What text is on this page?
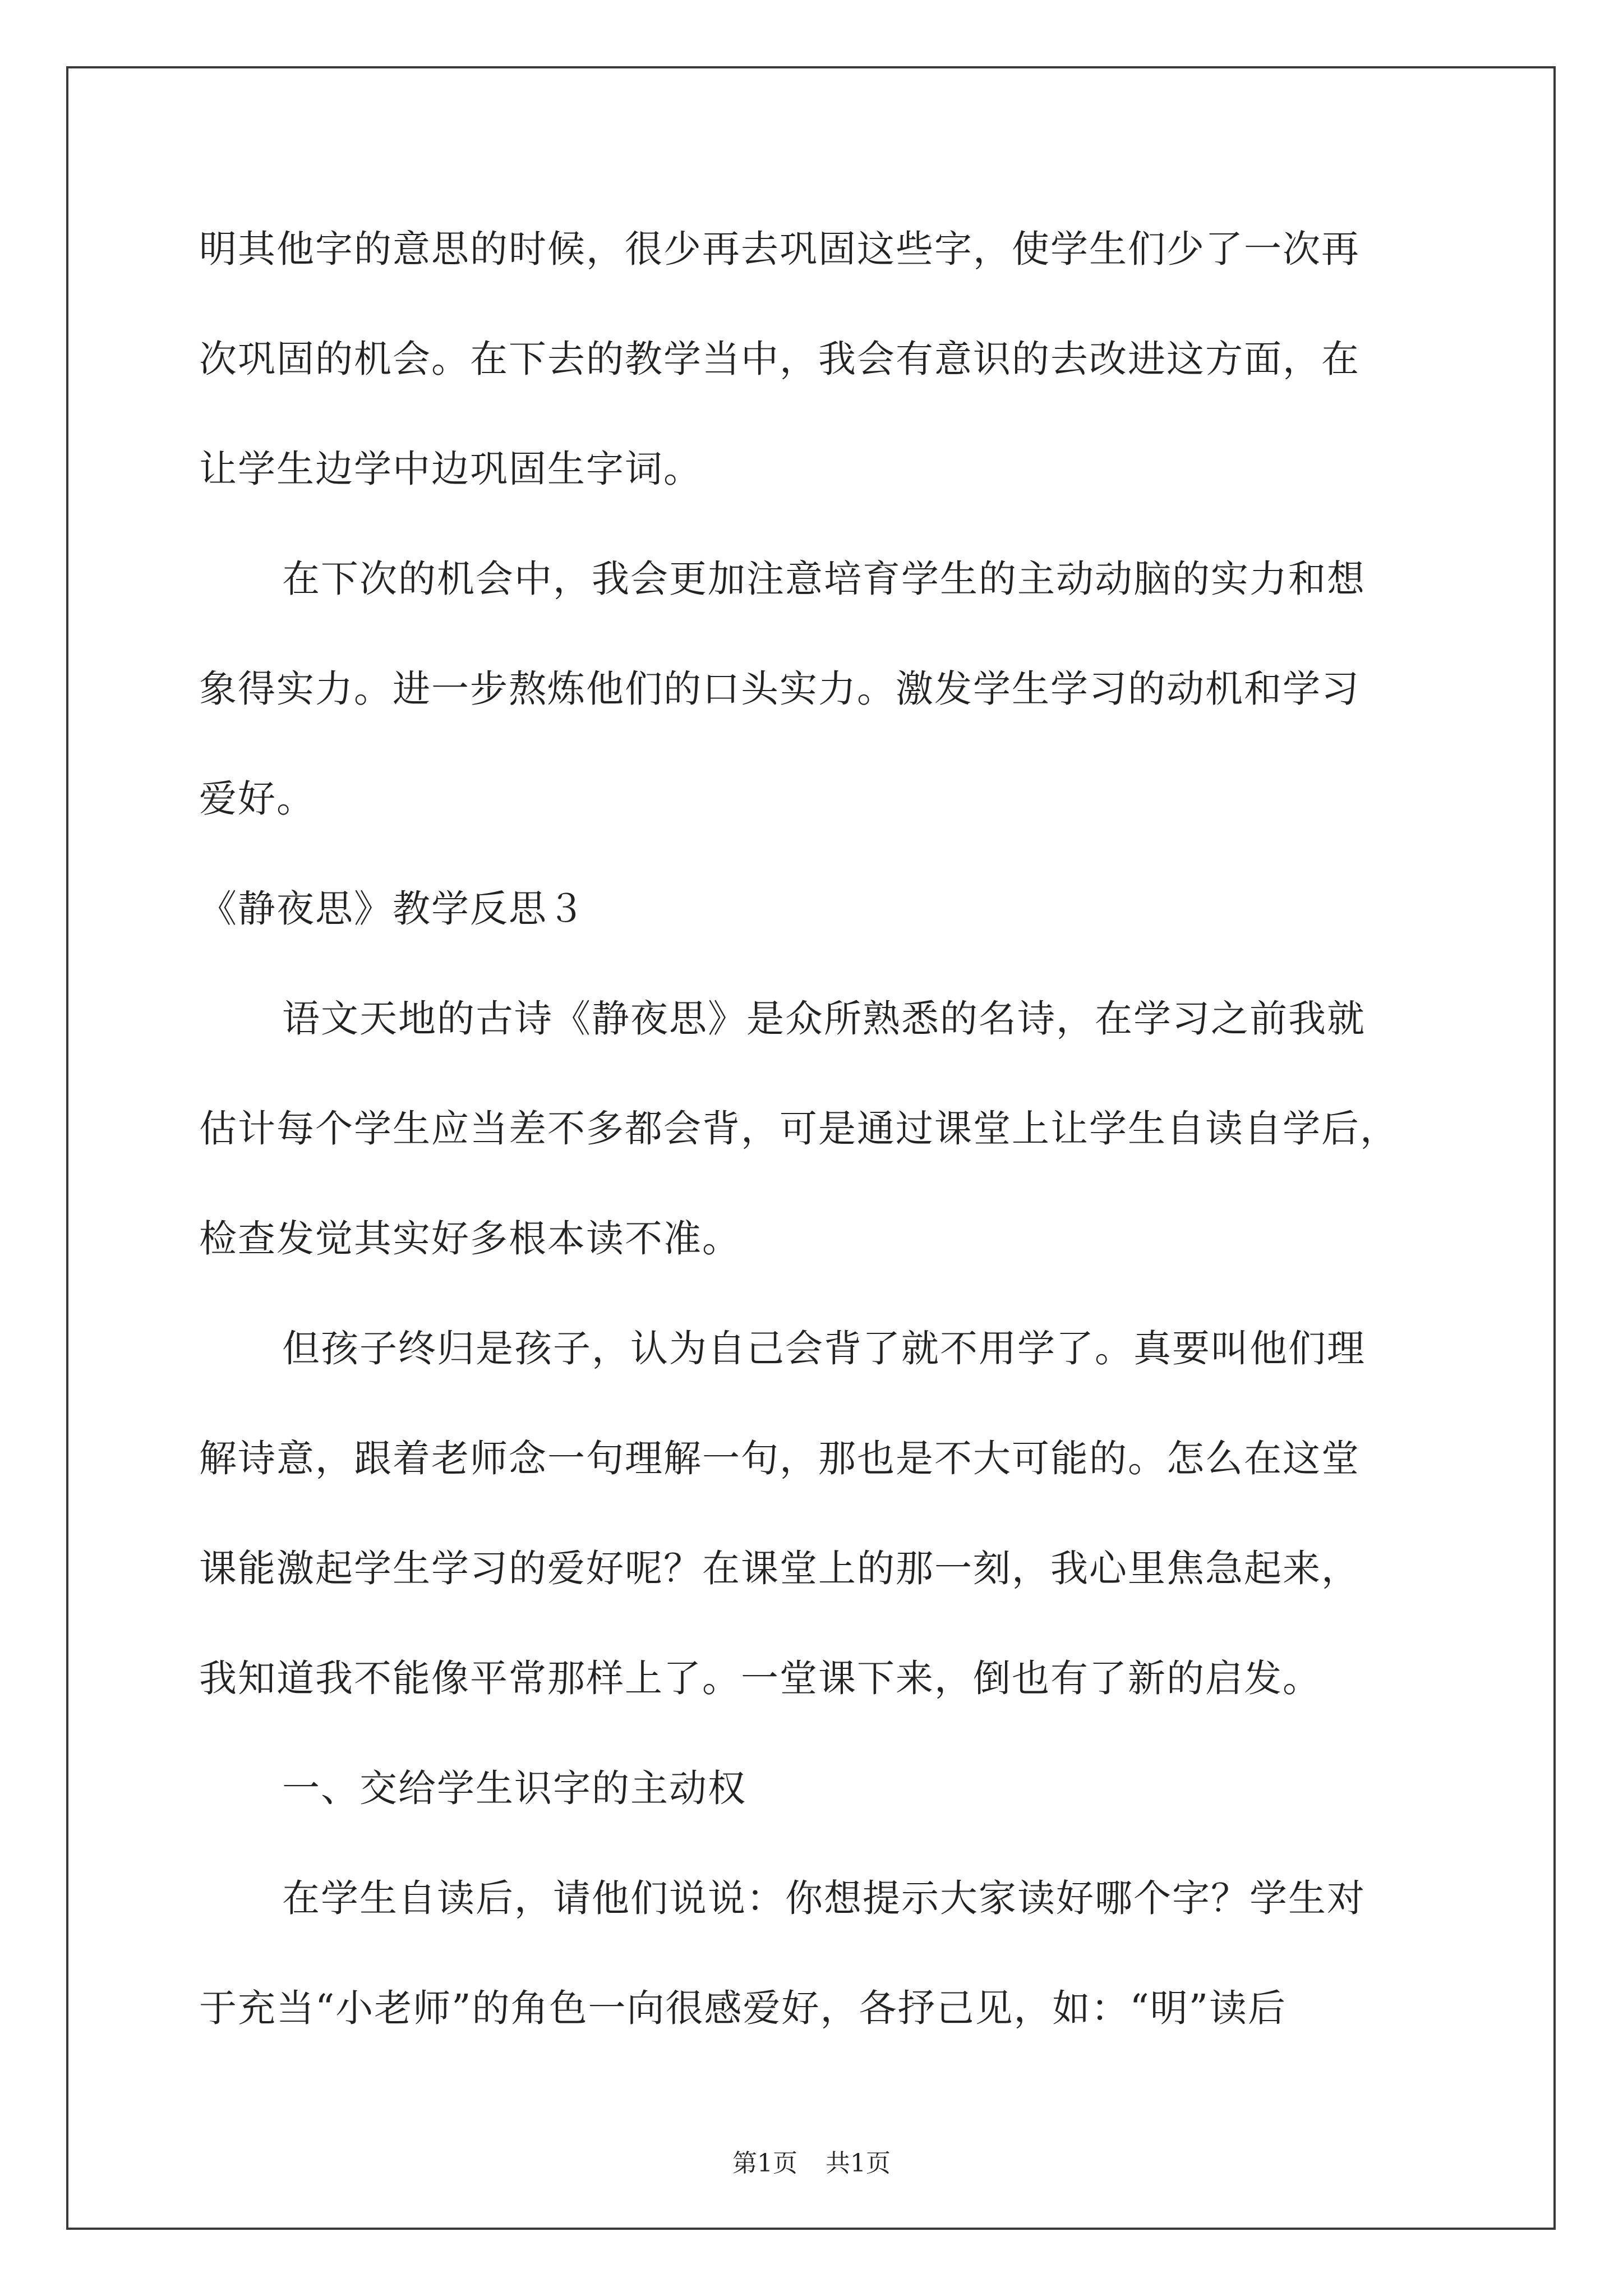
明其他字的意思的时候，很少再去巩固这些字，使学生们少了一次再
次巩固的机会。在下去的教学当中，我会有意识的去改进这方面，在
让学生边学中边巩固生字词。
在下次的机会中，我会更加注意培育学生的主动动脑的实力和想
象得实力。进一步熬炼他们的口头实力。激发学生学习的动机和学习
爱好。
《静夜思》教学反思３
语文天地的古诗《静夜思》是众所熟悉的名诗，在学习之前我就
估计每个学生应当差不多都会背，可是通过课堂上让学生自读自学后，
检查发觉其实好多根本读不准。
但孩子终归是孩子，认为自己会背了就不用学了。真要叫他们理
解诗意，跟着老师念一句理解一句，那也是不大可能的。怎么在这堂
课能激起学生学习的爱好呢？在课堂上的那一刻，我心里焦急起来，
我知道我不能像平常那样上了。一堂课下来，倒也有了新的启发。
一、交给学生识字的主动权
在学生自读后，请他们说说：你想提示大家读好哪个字？学生对
于充当“小老师”的角色一向很感爱好，各抒己见，如：“明”读后
第1页 共1页
